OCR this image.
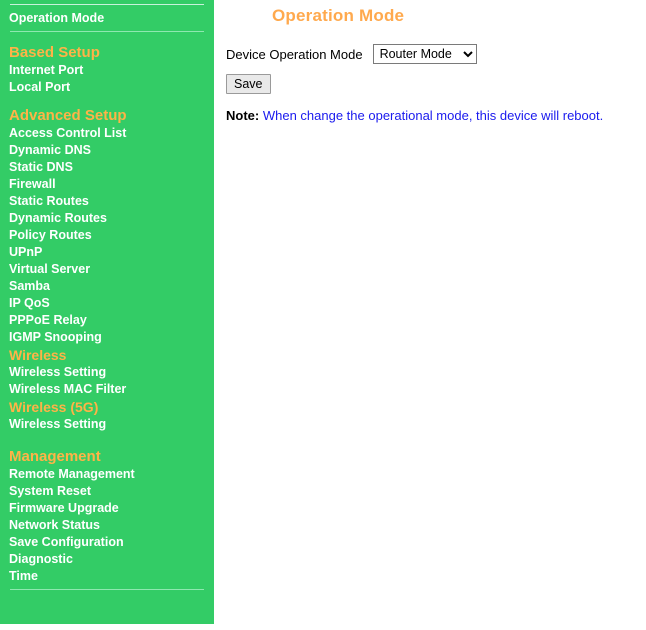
Operation Mode
Based Setup
Internet Port
Local Port
Advanced Setup
Access Control List
Dynamic DNS
Static DNS
Firewall
Static Routes
Dynamic Routes
Policy Routes
UPnP
Virtual Server
Samba
IP QoS
PPPoE Relay
IGMP Snooping
Wireless
Wireless Setting
Wireless MAC Filter
Wireless (5G)
Wireless Setting
Management
Remote Management
System Reset
Firmware Upgrade
Network Status
Save Configuration
Diagnostic
Time
Operation Mode
Device Operation Mode
Router Mode
Save
Note: When change the operational mode, this device will reboot.
